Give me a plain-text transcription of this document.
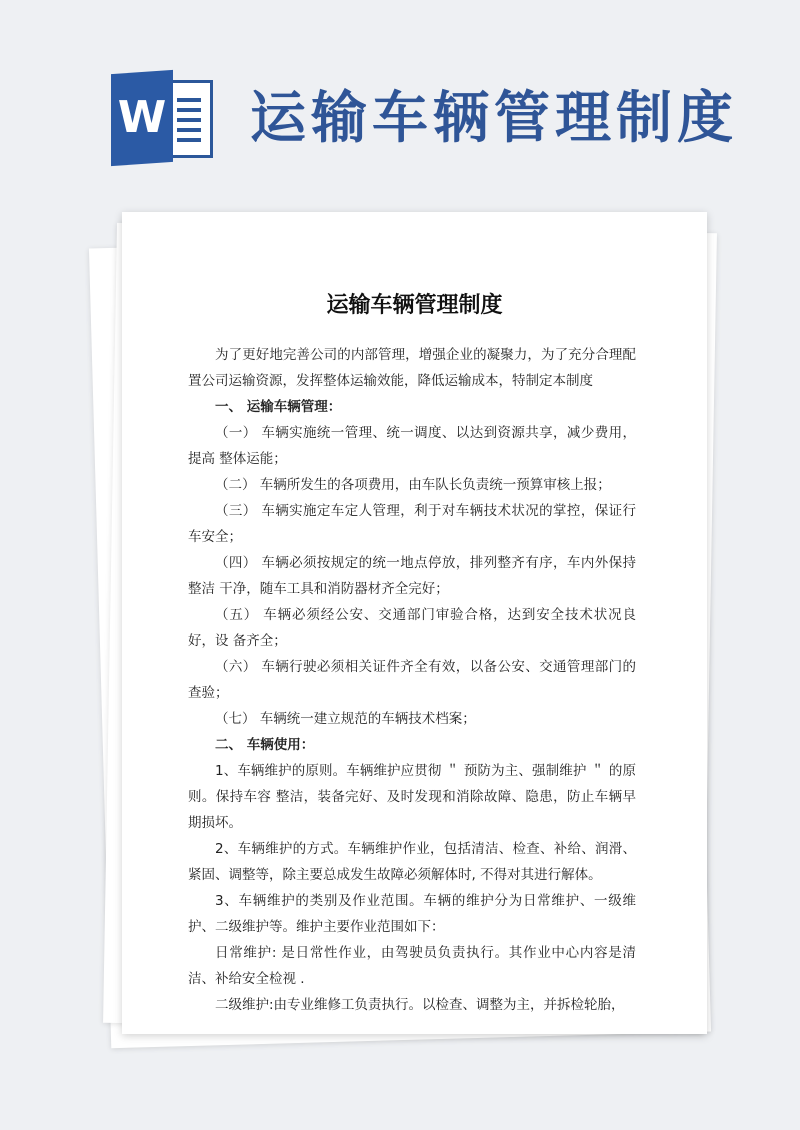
W 运输车辆管理制度
运输车辆管理制度

为了更好地完善公司的内部管理，增强企业的凝聚力，为了充分合理配置公司运输资源，发挥整体运输效能，降低运输成本，特制定本制度

一、 运输车辆管理：

（一） 车辆实施统一管理、统一调度、以达到资源共享，减少费用，提高 整体运能；

（二） 车辆所发生的各项费用，由车队长负责统一预算审核上报；

（三） 车辆实施定车定人管理，利于对车辆技术状况的掌控，保证行车安全；

（四） 车辆必须按规定的统一地点停放，排列整齐有序，车内外保持整洁 干净，随车工具和消防器材齐全完好；

（五） 车辆必须经公安、交通部门审验合格，达到安全技术状况良好，设 备齐全；

（六） 车辆行驶必须相关证件齐全有效，以备公安、交通管理部门的查验；

（七） 车辆统一建立规范的车辆技术档案；

二、 车辆使用：

1、车辆维护的原则。车辆维护应贯彻 ＂ 预防为主、强制维护 ＂ 的原则。保持车容 整洁，装备完好、及时发现和消除故障、隐患，防止车辆早期损坏。

2、车辆维护的方式。车辆维护作业，包括清洁、检查、补给、润滑、紧固、调整等，除主要总成发生故障必须解体时, 不得对其进行解体。

3、车辆维护的类别及作业范围。车辆的维护分为日常维护、一级维护、二级维护等。维护主要作业范围如下：

日常维护: 是日常性作业，由驾驶员负责执行。其作业中心内容是清洁、补给安全检视 .

二级维护:由专业维修工负责执行。以检查、调整为主，并拆检轮胎，
